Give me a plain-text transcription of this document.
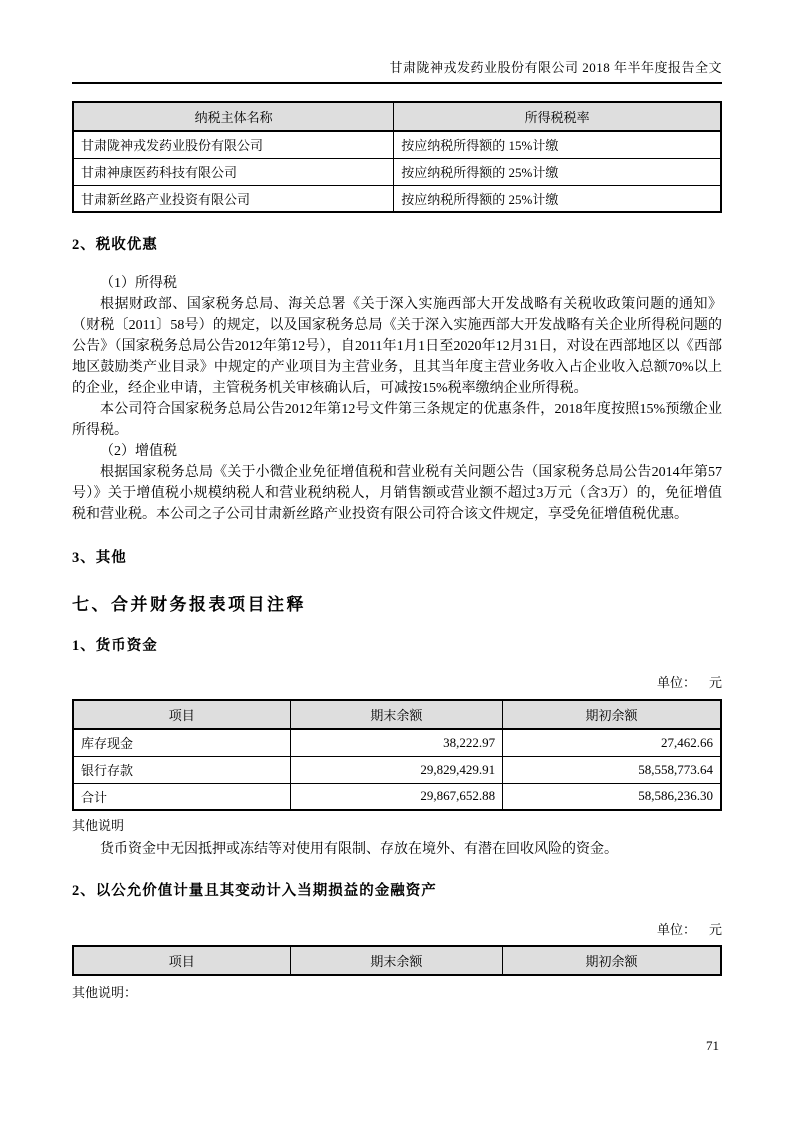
甘肃陇神戎发药业股份有限公司 2018 年半年度报告全文
纳税主体名称	所得税税率
甘肃陇神戎发药业股份有限公司	按应纳税所得额的 15%计缴
甘肃神康医药科技有限公司	按应纳税所得额的 25%计缴
甘肃新丝路产业投资有限公司	按应纳税所得额的 25%计缴
2、税收优惠
（1）所得税

根据财政部、国家税务总局、海关总署《关于深入实施西部大开发战略有关税收政策问题的通知》（财税〔2011〕58号）的规定，以及国家税务总局《关于深入实施西部大开发战略有关企业所得税问题的公告》（国家税务总局公告2012年第12号），自2011年1月1日至2020年12月31日，对设在西部地区以《西部地区鼓励类产业目录》中规定的产业项目为主营业务，且其当年度主营业务收入占企业收入总额70%以上的企业，经企业申请，主管税务机关审核确认后，可减按15%税率缴纳企业所得税。

本公司符合国家税务总局公告2012年第12号文件第三条规定的优惠条件，2018年度按照15%预缴企业所得税。

（2）增值税

根据国家税务总局《关于小微企业免征增值税和营业税有关问题公告（国家税务总局公告2014年第57号）》关于增值税小规模纳税人和营业税纳税人，月销售额或营业额不超过3万元（含3万）的，免征增值税和营业税。本公司之子公司甘肃新丝路产业投资有限公司符合该文件规定，享受免征增值税优惠。

3、其他
七、合并财务报表项目注释
1、货币资金
单位： 元
项目	期末余额	期初余额
库存现金	38,222.97	27,462.66
银行存款	29,829,429.91	58,558,773.64
合计	29,867,652.88	58,586,236.30
其他说明

货币资金中无因抵押或冻结等对使用有限制、存放在境外、有潜在回收风险的资金。

2、以公允价值计量且其变动计入当期损益的金融资产
单位： 元
项目	期末余额	期初余额
其他说明：
71
